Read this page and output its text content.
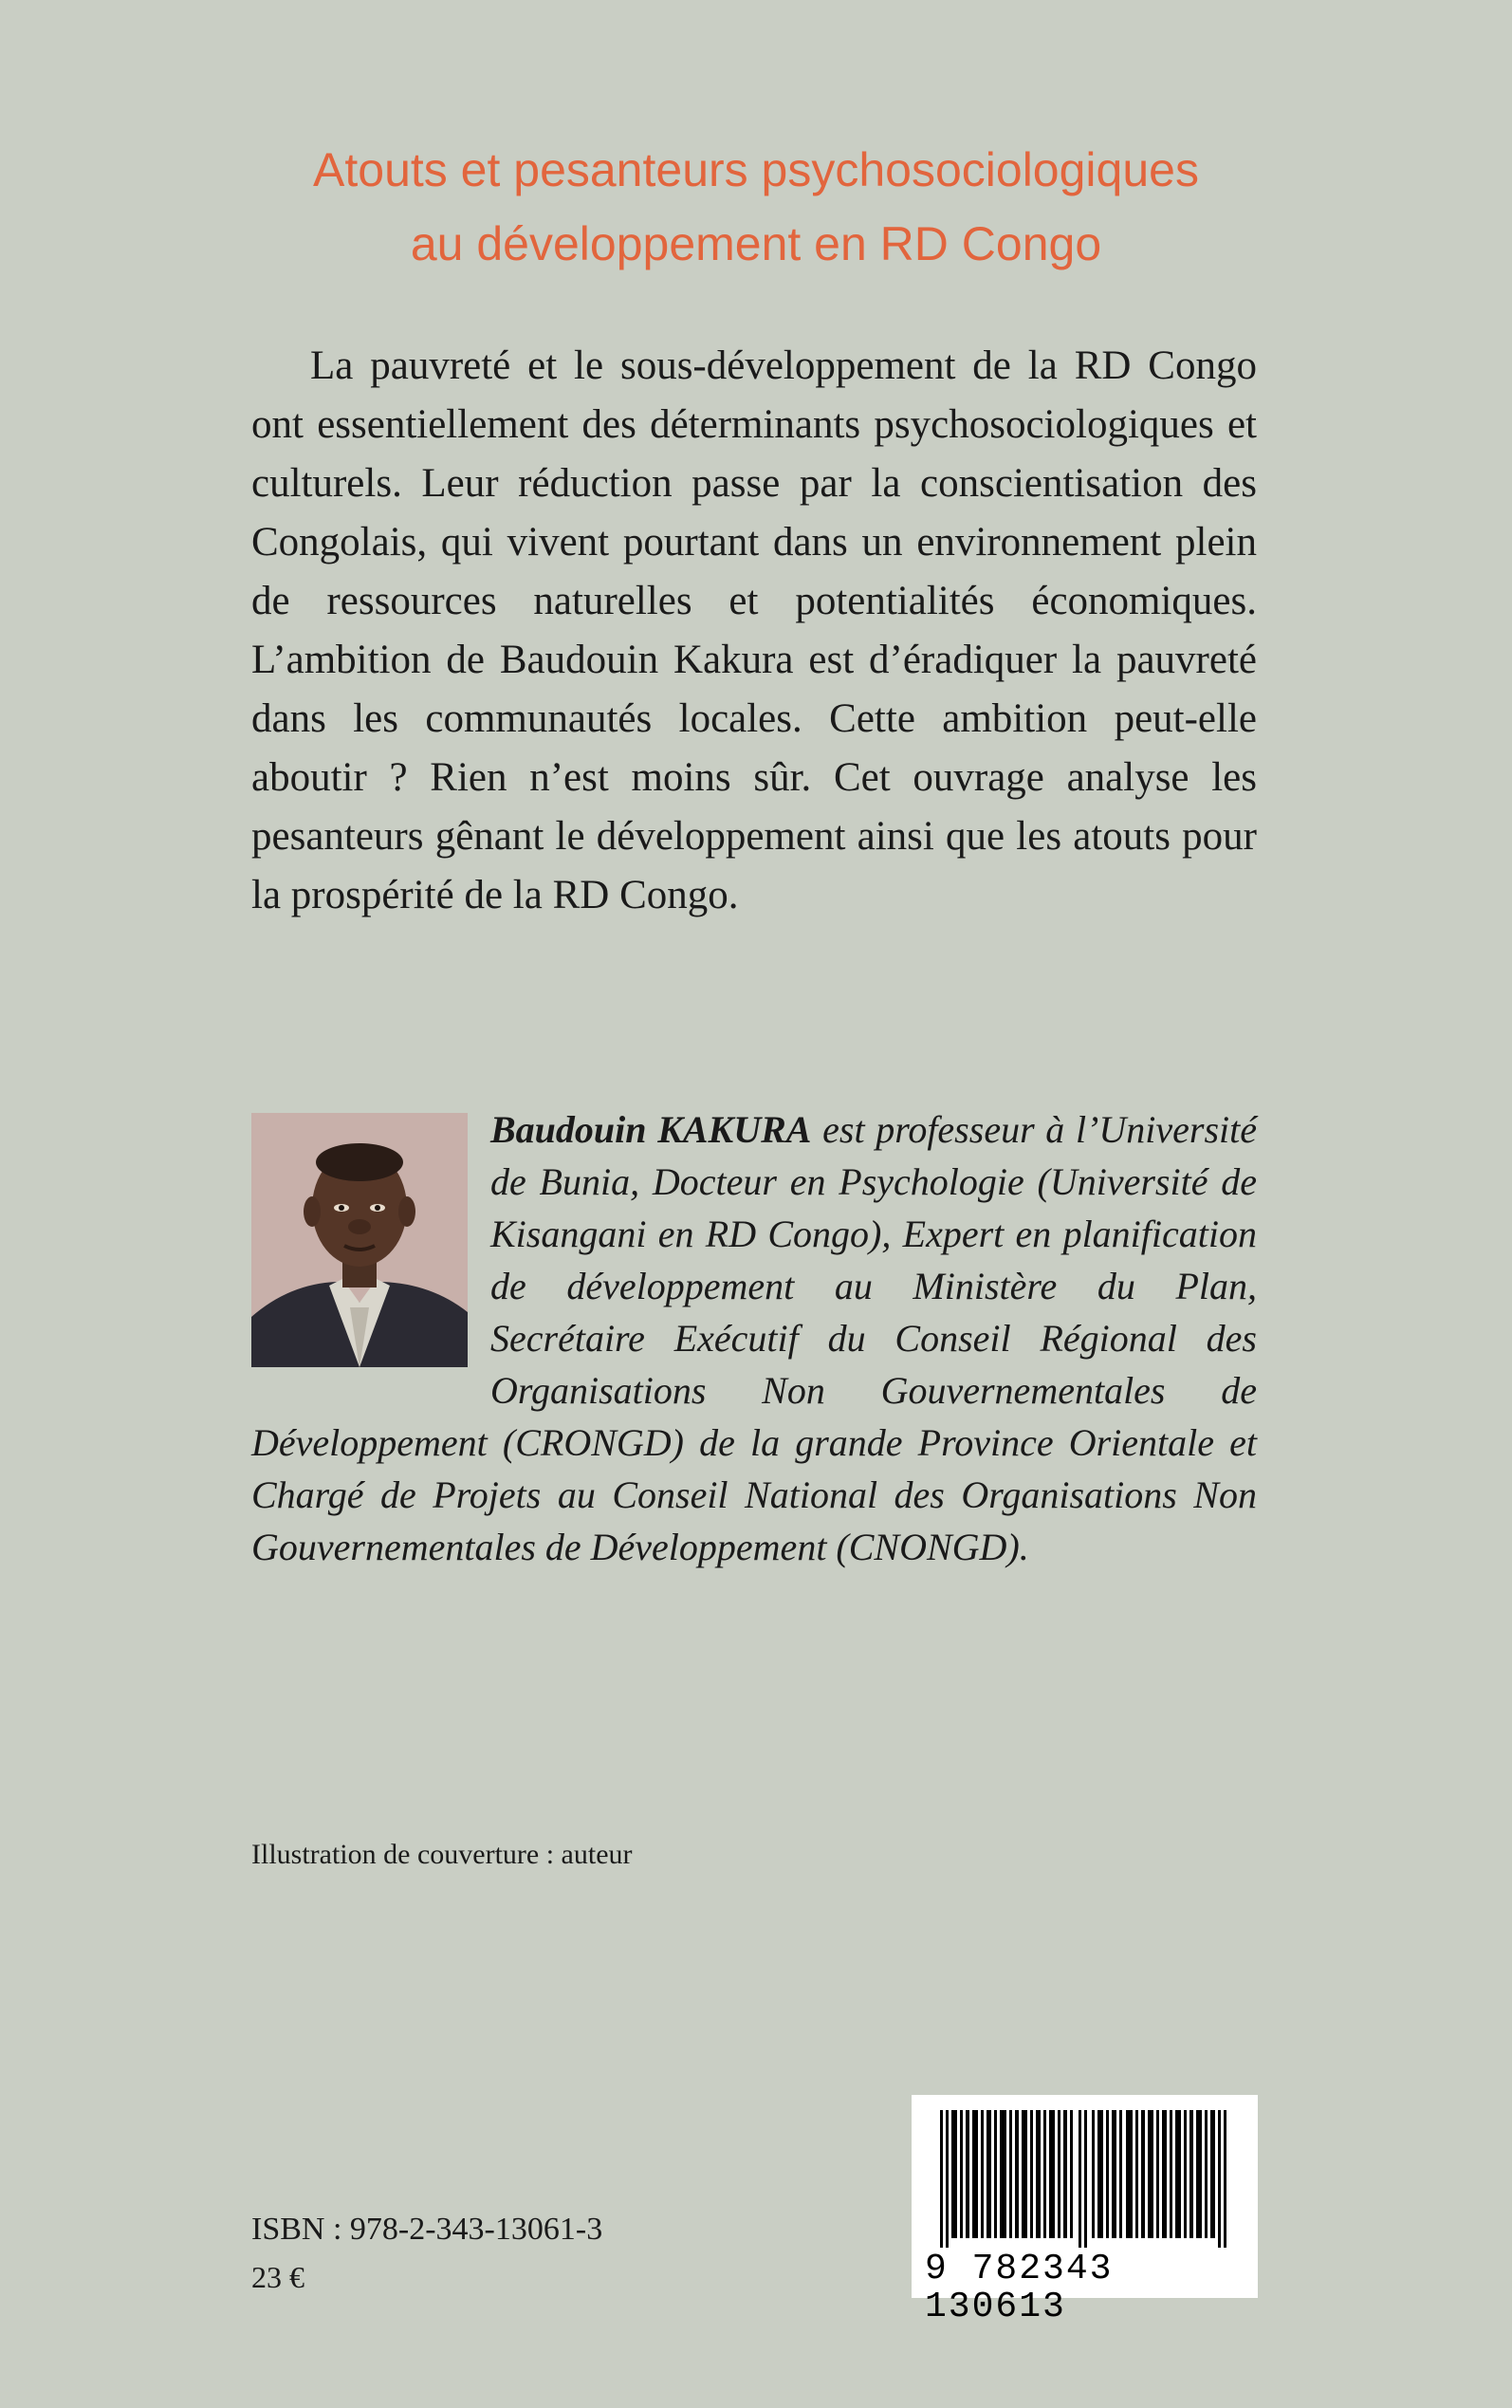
Atouts et pesanteurs psychosociologiques
au développement en RD Congo

La pauvreté et le sous-développement de la RD Congo ont essentiellement des déterminants psychosociologiques et culturels. Leur réduction passe par la conscientisation des Congolais, qui vivent pourtant dans un environnement plein de ressources naturelles et potentialités économiques. L’ambition de Baudouin Kakura est d’éradiquer la pauvreté dans les communautés locales. Cette ambition peut-elle aboutir ? Rien n’est moins sûr. Cet ouvrage analyse les pesanteurs gênant le développement ainsi que les atouts pour la prospérité de la RD Congo.

Baudouin KAKURA est professeur à l’Université de Bunia, Docteur en Psychologie (Université de Kisangani en RD Congo), Expert en planification de développement au Ministère du Plan, Secrétaire Exécutif du Conseil Régional des Organisations Non Gouvernementales de Développement (CRONGD) de la grande Province Orientale et Chargé de Projets au Conseil National des Organisations Non Gouvernementales de Développement (CNONGD).

Illustration de couverture : auteur

ISBN : 978-2-343-13061-3

23 €	9 782343 130613
